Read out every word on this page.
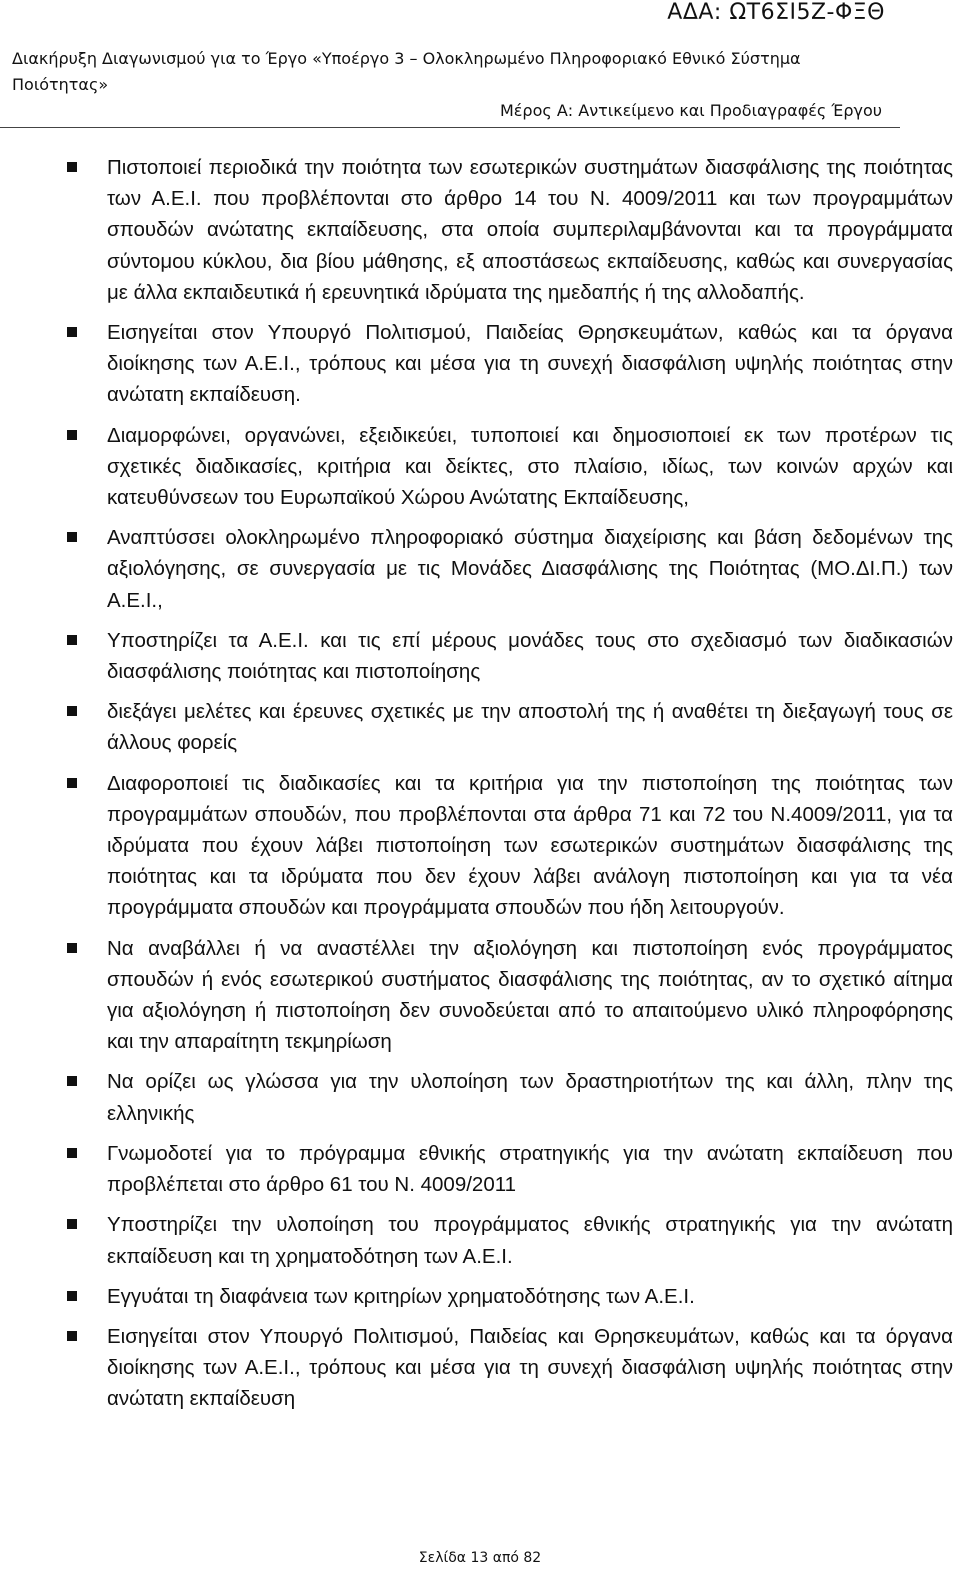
ΑΔΑ: ΩΤ6ΣΙ5Ζ-ΦΞΘ
Διακήρυξη Διαγωνισμού για το Έργο «Υποέργο 3 – Ολοκληρωμένο Πληροφοριακό Εθνικό Σύστημα
Ποιότητας»
Μέρος Α: Αντικείμενο και Προδιαγραφές Έργου
Πιστοποιεί περιοδικά την ποιότητα των εσωτερικών συστημάτων διασφάλισης της ποιότητας των Α.Ε.Ι. που προβλέπονται στο άρθρο 14 του Ν. 4009/2011 και των προγραμμάτων σπουδών ανώτατης εκπαίδευσης, στα οποία συμπεριλαμβάνονται και τα προγράμματα σύντομου κύκλου, δια βίου μάθησης, εξ αποστάσεως εκπαίδευσης, καθώς και συνεργασίας με άλλα εκπαιδευτικά ή ερευνητικά ιδρύματα της ημεδαπής ή της αλλοδαπής.
Εισηγείται στον Υπουργό Πολιτισμού, Παιδείας Θρησκευμάτων, καθώς και τα όργανα διοίκησης των Α.Ε.Ι., τρόπους και μέσα για τη συνεχή διασφάλιση υψηλής ποιότητας στην ανώτατη εκπαίδευση.
Διαμορφώνει, οργανώνει, εξειδικεύει, τυποποιεί και δημοσιοποιεί εκ των προτέρων τις σχετικές διαδικασίες, κριτήρια και δείκτες, στο πλαίσιο, ιδίως, των κοινών αρχών και κατευθύνσεων του Ευρωπαϊκού Χώρου Ανώτατης Εκπαίδευσης,
Αναπτύσσει ολοκληρωμένο πληροφοριακό σύστημα διαχείρισης και βάση δεδομένων της αξιολόγησης, σε συνεργασία με τις Μονάδες Διασφάλισης της Ποιότητας (ΜΟ.ΔΙ.Π.) των Α.Ε.Ι.,
Υποστηρίζει τα Α.Ε.Ι. και τις επί μέρους μονάδες τους στο σχεδιασμό των διαδικασιών διασφάλισης ποιότητας και πιστοποίησης
διεξάγει μελέτες και έρευνες σχετικές με την αποστολή της ή αναθέτει τη διεξαγωγή τους σε άλλους φορείς
Διαφοροποιεί τις διαδικασίες και τα κριτήρια για την πιστοποίηση της ποιότητας των προγραμμάτων σπουδών, που προβλέπονται στα άρθρα 71 και 72 του Ν.4009/2011, για τα ιδρύματα που έχουν λάβει πιστοποίηση των εσωτερικών συστημάτων διασφάλισης της ποιότητας και τα ιδρύματα που δεν έχουν λάβει ανάλογη πιστοποίηση και για τα νέα προγράμματα σπουδών και προγράμματα σπουδών που ήδη λειτουργούν.
Να αναβάλλει ή να αναστέλλει την αξιολόγηση και πιστοποίηση ενός προγράμματος σπουδών ή ενός εσωτερικού συστήματος διασφάλισης της ποιότητας, αν το σχετικό αίτημα για αξιολόγηση ή πιστοποίηση δεν συνοδεύεται από το απαιτούμενο υλικό πληροφόρησης και την απαραίτητη τεκμηρίωση
Να ορίζει ως γλώσσα για την υλοποίηση των δραστηριοτήτων της και άλλη, πλην της ελληνικής
Γνωμοδοτεί για το πρόγραμμα εθνικής στρατηγικής για την ανώτατη εκπαίδευση που προβλέπεται στο άρθρο 61 του Ν. 4009/2011
Υποστηρίζει την υλοποίηση του προγράμματος εθνικής στρατηγικής για την ανώτατη εκπαίδευση και τη χρηματοδότηση των Α.Ε.Ι.
Εγγυάται τη διαφάνεια των κριτηρίων χρηματοδότησης των Α.Ε.Ι.
Εισηγείται στον Υπουργό Πολιτισμού, Παιδείας και Θρησκευμάτων, καθώς και τα όργανα διοίκησης των Α.Ε.Ι., τρόπους και μέσα για τη συνεχή διασφάλιση υψηλής ποιότητας στην ανώτατη εκπαίδευση
Σελίδα 13 από 82
